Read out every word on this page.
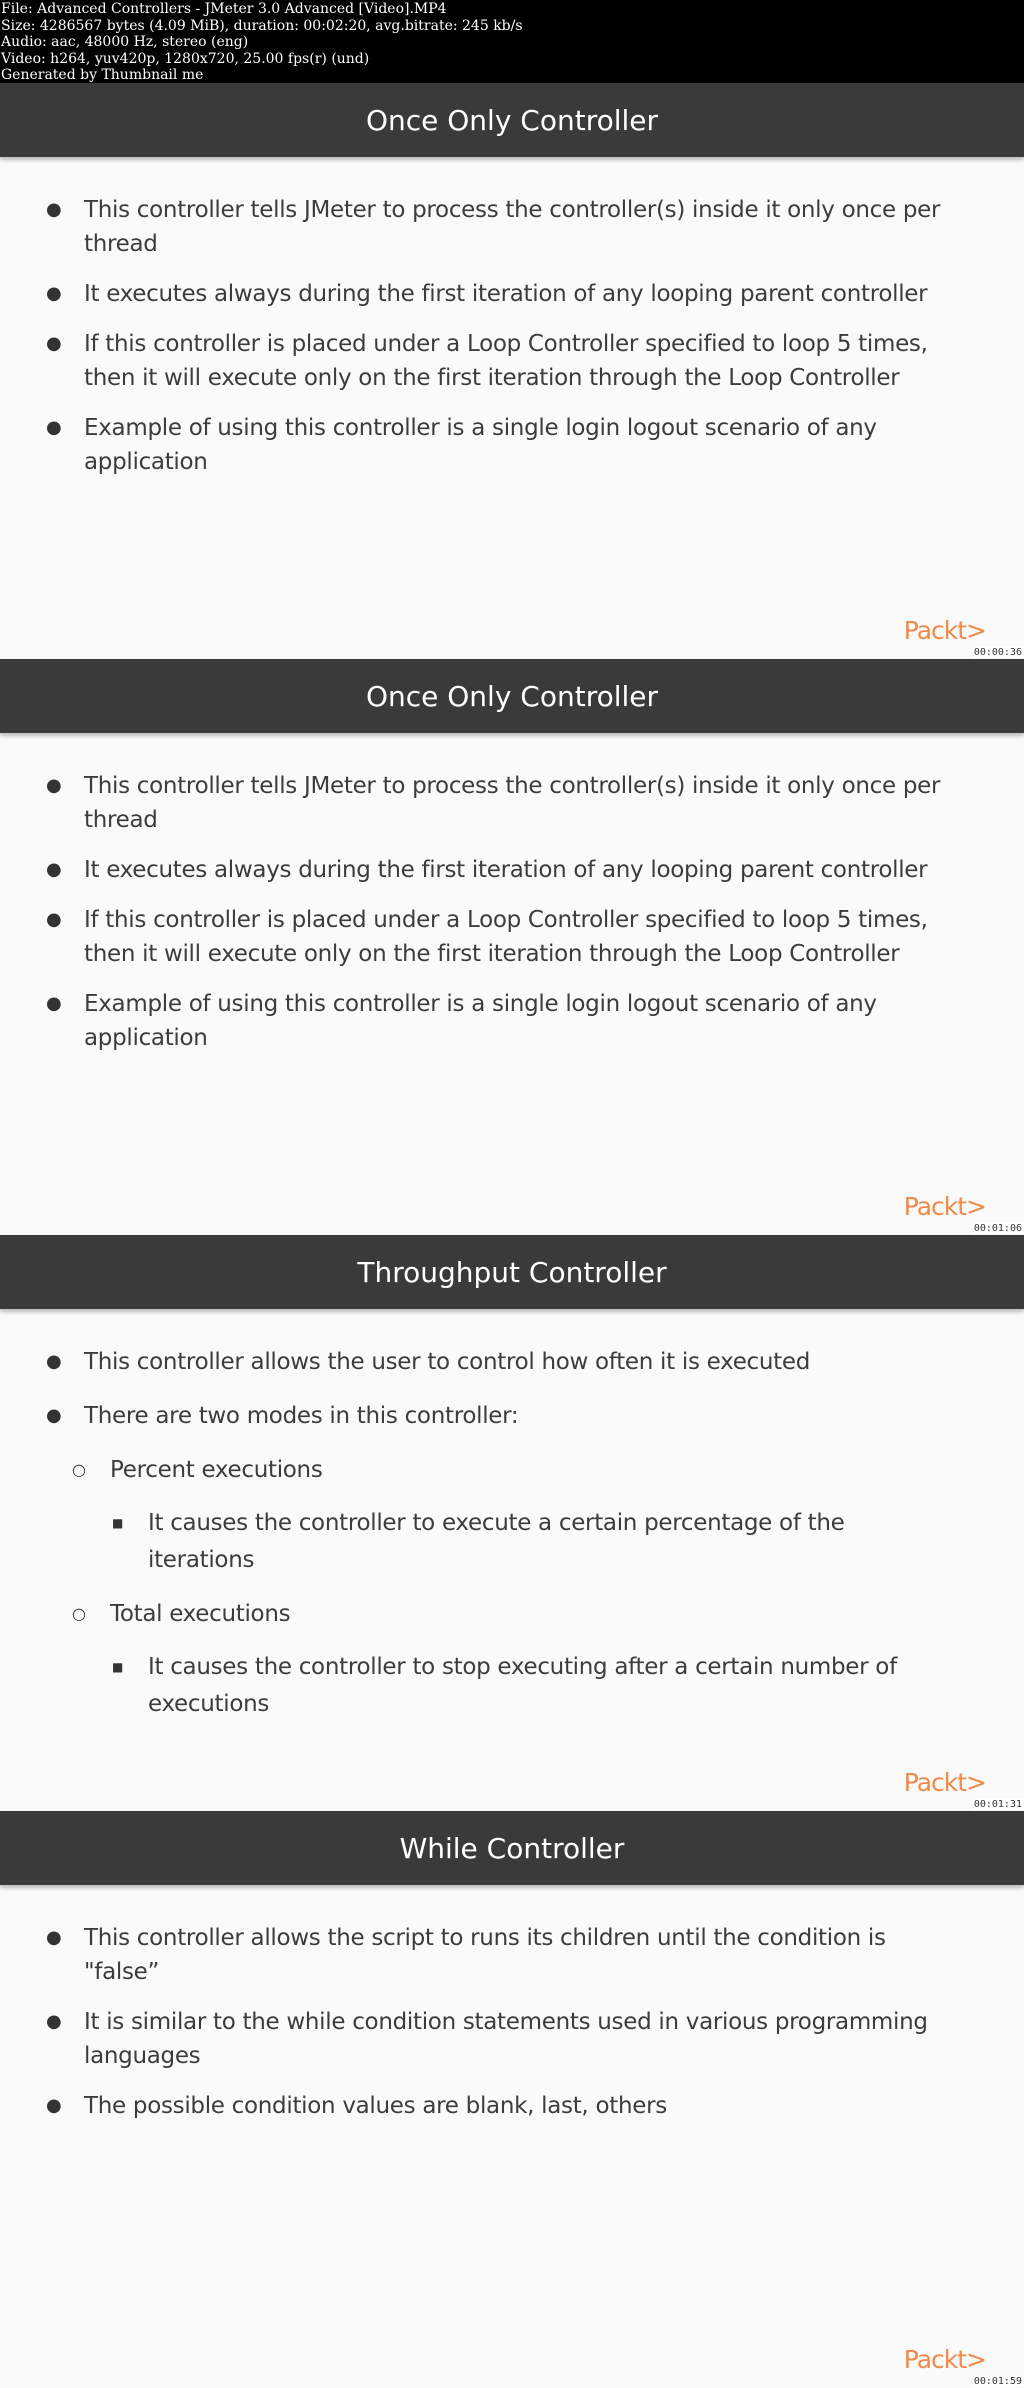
File: Advanced Controllers - JMeter 3.0 Advanced [Video].MP4
Size: 4286567 bytes (4.09 MiB), duration: 00:02:20, avg.bitrate: 245 kb/s
Audio: aac, 48000 Hz, stereo (eng)
Video: h264, yuv420p, 1280x720, 25.00 fps(r) (und)
Generated by Thumbnail me
Once Only Controller
● This controller tells JMeter to process the controller(s) inside it only once per thread
● It executes always during the first iteration of any looping parent controller
● If this controller is placed under a Loop Controller specified to loop 5 times, then it will execute only on the first iteration through the Loop Controller
● Example of using this controller is a single login logout scenario of any application
Packt>
00:00:36
Once Only Controller
● This controller tells JMeter to process the controller(s) inside it only once per thread
● It executes always during the first iteration of any looping parent controller
● If this controller is placed under a Loop Controller specified to loop 5 times, then it will execute only on the first iteration through the Loop Controller
● Example of using this controller is a single login logout scenario of any application
Packt>
00:01:06
Throughput Controller
● This controller allows the user to control how often it is executed
● There are two modes in this controller:
○ Percent executions
■ It causes the controller to execute a certain percentage of the iterations
○ Total executions
■ It causes the controller to stop executing after a certain number of executions
Packt>
00:01:31
While Controller
● This controller allows the script to runs its children until the condition is "false”
● It is similar to the while condition statements used in various programming languages
● The possible condition values are blank, last, others
Packt>
00:01:59
